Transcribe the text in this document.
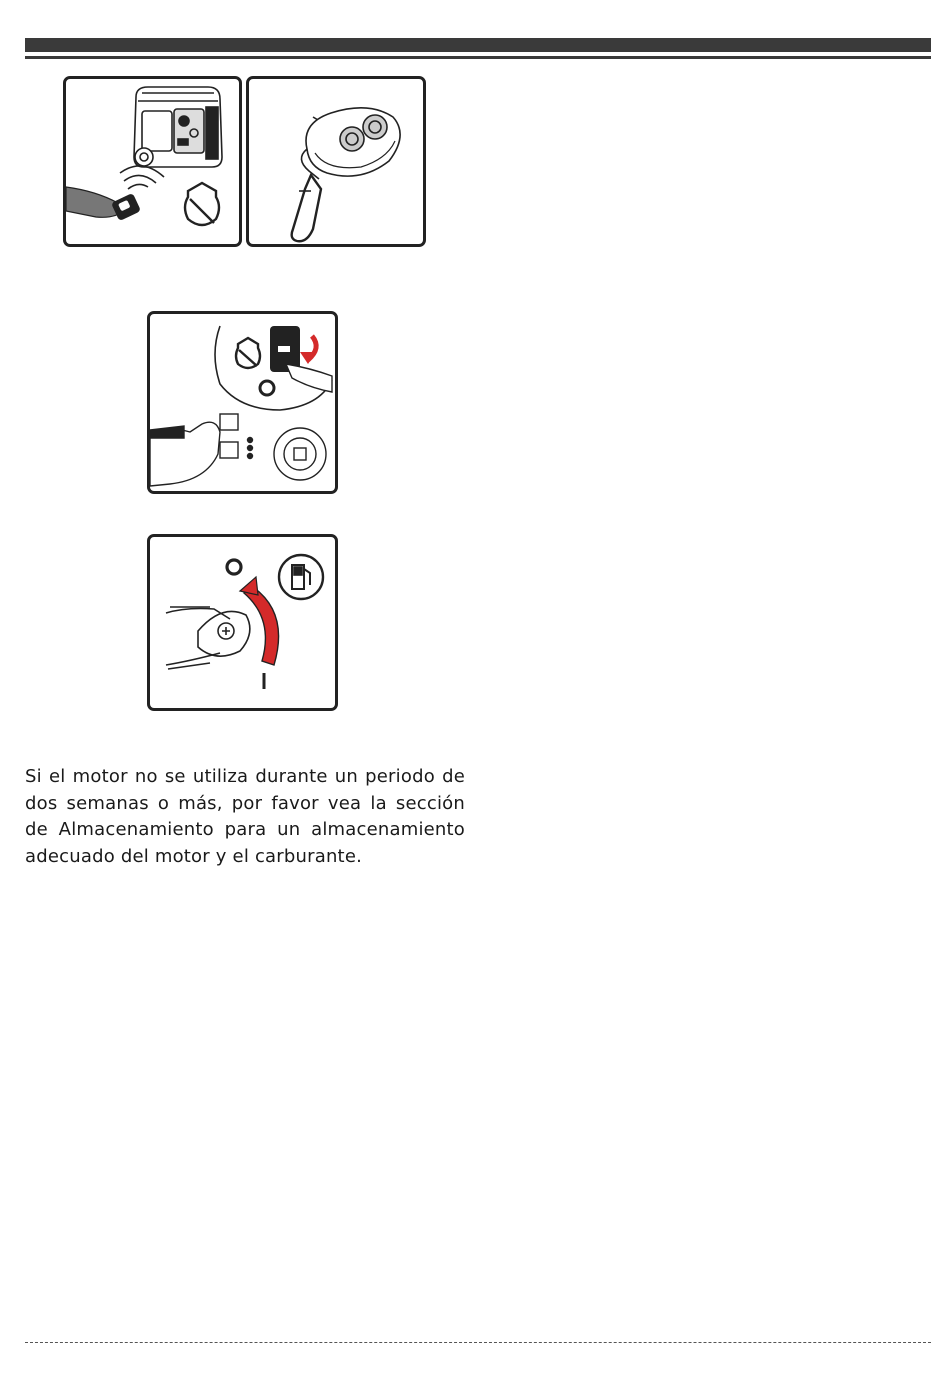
Si el motor no se utiliza durante un periodo de dos semanas o más, por favor vea la sección de Almacenamiento para un almacenamiento adecuado del motor y el carburante.
